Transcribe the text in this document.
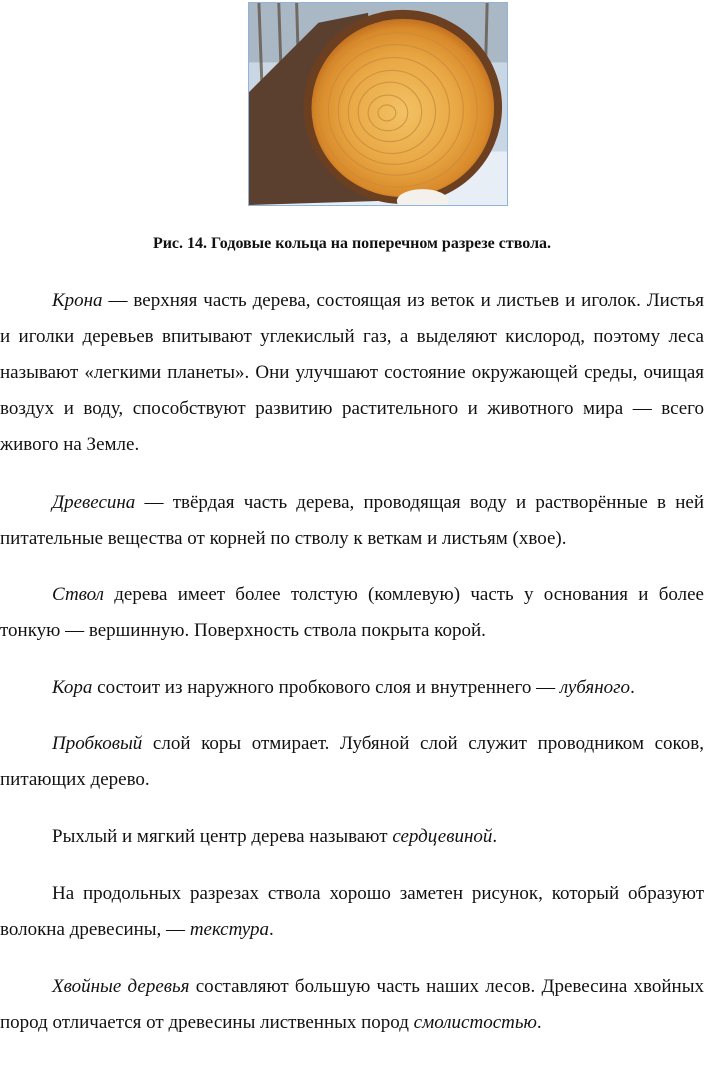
Рис. 14. Годовые кольца на поперечном разрезе ствола.

Крона — верхняя часть дерева, состоящая из веток и листьев и иголок. Листья и иголки деревьев впитывают углекислый газ, а выделяют кислород, поэтому леса называют «легкими планеты». Они улучшают состояние окружающей среды, очищая воздух и воду, способствуют развитию растительного и животного мира — всего живого на Земле.

Древесина — твёрдая часть дерева, проводящая воду и растворённые в ней питательные вещества от корней по стволу к веткам и листьям (хвое).

Ствол дерева имеет более толстую (комлевую) часть у основания и более тонкую — вершинную. Поверхность ствола покрыта корой.

Кора состоит из наружного пробкового слоя и внутреннего — лубяного.

Пробковый слой коры отмирает. Лубяной слой служит проводником соков, питающих дерево.

Рыхлый и мягкий центр дерева называют сердцевиной.

На продольных разрезах ствола хорошо заметен рисунок, который образуют волокна древесины, — текстура.

Хвойные деревья составляют большую часть наших лесов. Древесина хвойных пород отличается от древесины лиственных пород смолистостью.
